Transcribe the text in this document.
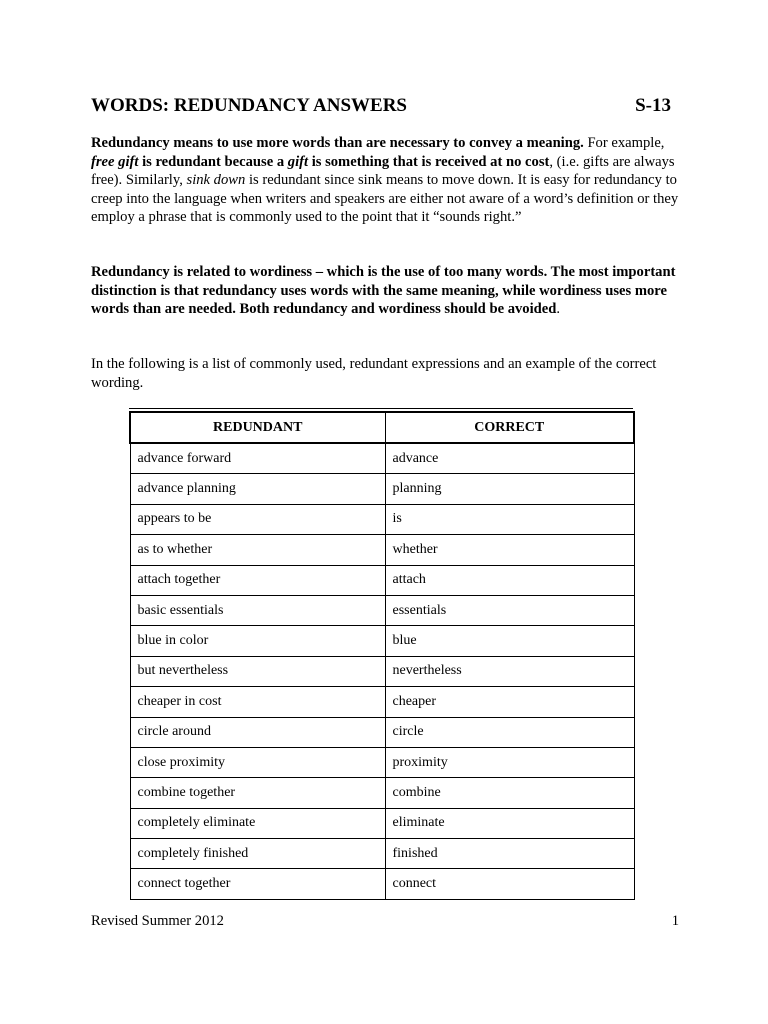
WORDS: REDUNDANCY ANSWERS	S-13

Redundancy means to use more words than are necessary to convey a meaning. For example, free gift is redundant because a gift is something that is received at no cost, (i.e. gifts are always free). Similarly, sink down is redundant since sink means to move down. It is easy for redundancy to creep into the language when writers and speakers are either not aware of a word’s definition or they employ a phrase that is commonly used to the point that it “sounds right.”

Redundancy is related to wordiness – which is the use of too many words. The most important distinction is that redundancy uses words with the same meaning, while wordiness uses more words than are needed. Both redundancy and wordiness should be avoided.

In the following is a list of commonly used, redundant expressions and an example of the correct wording.

REDUNDANT	CORRECT
advance forward	advance
advance planning	planning
appears to be	is
as to whether	whether
attach together	attach
basic essentials	essentials
blue in color	blue
but nevertheless	nevertheless
cheaper in cost	cheaper
circle around	circle
close proximity	proximity
combine together	combine
completely eliminate	eliminate
completely finished	finished
connect together	connect
Revised Summer 2012	1
